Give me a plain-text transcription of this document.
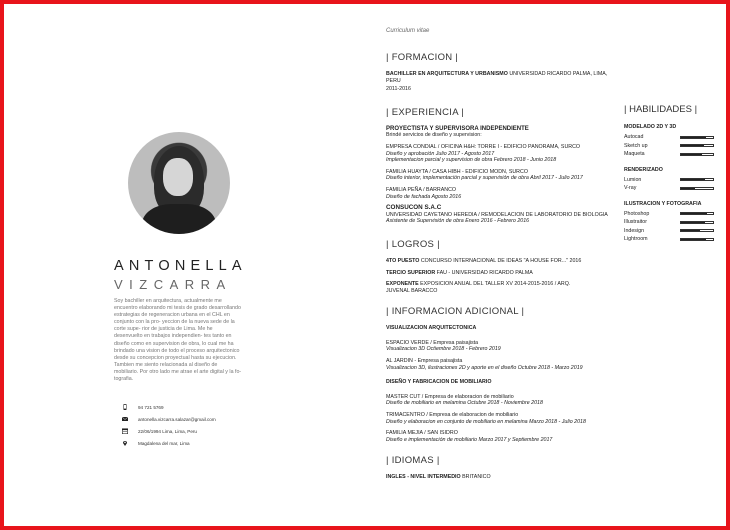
ANTONELLA
VIZCARRA
Soy bachiller en arquitectura, actualmente me encuentro elaborando mi tesis de grado desarrollando estrategias de regeneracion urbana en el CHL en conjunto con la pro- yeccion de la nueva sede de la corte supe- rior de justicia de Lima. Me he desenvuelto en trabajos independien- tes tanto en diseño como en supervision de obra, lo cual me ha brindado una vision de todo el proceso arquitectonico desde su concepcion proyectual hasta su ejecucion. Tambien me siento relacionada al diseño de mobiliario. Por otro lado me atrae el arte digital y la fo- tografia.
94 721 5769
antonella.vizcarra.salazar@gmail.com
22/06/1994 Lima, Lima, Peru
Magdalena del mar, Lima
Curriculum vitae
| FORMACION |
BACHILLER EN ARQUITECTURA Y URBANISMO UNIVERSIDAD RICARDO PALMA, LIMA, PERU
2011-2016
| EXPERIENCIA |
PROYECTISTA Y SUPERVISORA INDEPENDIENTE
Brindé servicios de diseño y supervision:
EMPRESA CONDIAL / OFICINA H&H: TORRE I - EDIFICIO PANORAMA, SURCO
Diseño y aprobación Julio 2017 - Agosto 2017
Implementacion parcial y supervision de obra Febrero 2018 - Junio 2018
FAMILIA HUAYTA / CASA HIBH - EDIFICIO MODN, SURCO
Diseño interior, implementación parcial y supervisión de obra Abril 2017 - Julio 2017
FAMILIA PEÑA / BARRANCO
Diseño de fachada Agosto 2016
CONSUCON S.A.C
UNIVERSIDAD CAYETANO HEREDIA / REMODELACION DE LABORATORIO DE BIOLOGIA
Asistente de Supervisión de obra Enero 2016 - Febrero 2016
| LOGROS |
4TO PUESTO CONCURSO INTERNACIONAL DE IDEAS "A HOUSE FOR..." 2016
TERCIO SUPERIOR FAU - UNIVERSIDAD RICARDO PALMA
EXPONENTE EXPOSICION ANUAL DEL TALLER XV 2014-2015-2016 / ARQ. JUVENAL BARACCO
| INFORMACION ADICIONAL |
VISUALIZACION ARQUITECTONICA
ESPACIO VERDE / Empresa paisajista
Visualizacion 3D Octiembre 2018 - Febrero 2019
AL JARDIN - Empresa paisajista
Visualizacion 3D, ilustraciones 2D y aporte en el diseño Octubre 2018 - Marzo 2019
DISEÑO Y FABRICACION DE MOBILIARIO
MASTER CUT / Empresa de elaboracion de mobiliario
Diseño de mobiliario en melamina Octubre 2018 - Noviembre 2018
TRIMACENTRO / Empresa de elaboracion de mobiliario
Diseño y elaboracion en conjunto de mobiliario en melamina Marzo 2018 - Julio 2018
FAMILIA MEJIA / SAN ISIDRO
Diseño e implementación de mobiliario Marzo 2017 y Septiembre 2017
| IDIOMAS |
INGLES - NIVEL INTERMEDIO BRITANICO
| HABILIDADES |
MODELADO 2D Y 3D
Autocad
Sketch up
Maqueta
RENDERIZADO
Lumion
V-ray
ILUSTRACION Y FOTOGRAFIA
Photoshop
Illustraitor
Indesign
Lightroom
